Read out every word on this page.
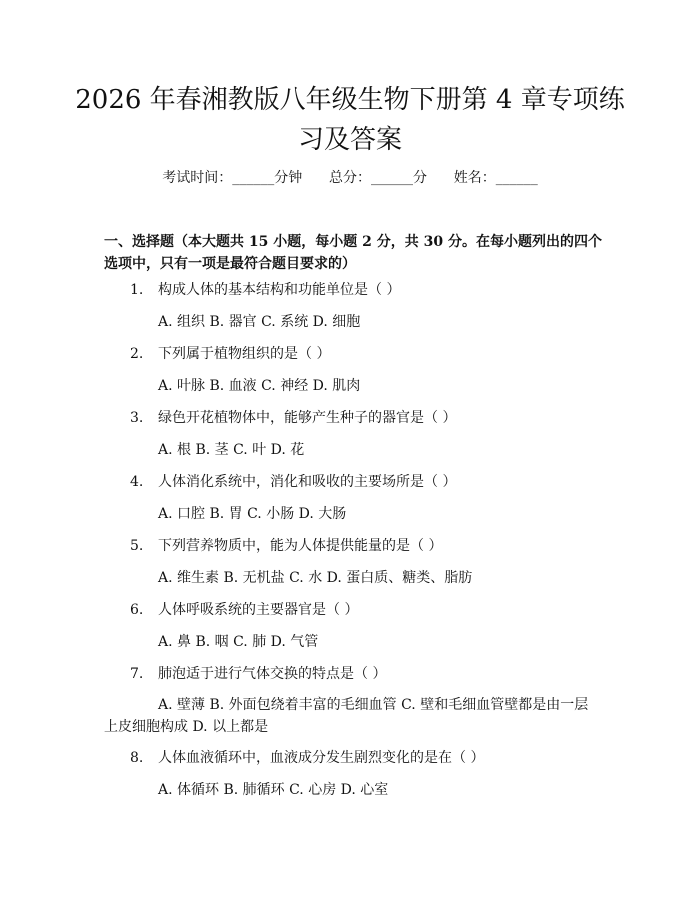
2026 年春湘教版八年级生物下册第 4 章专项练习及答案
考试时间：______分钟 总分：______分 姓名：______
一、选择题（本大题共 15 小题，每小题 2 分，共 30 分。在每小题列出的四个选项中，只有一项是最符合题目要求的）
1. 构成人体的基本结构和功能单位是（ ）
A. 组织 B. 器官 C. 系统 D. 细胞
2. 下列属于植物组织的是（ ）
A. 叶脉 B. 血液 C. 神经 D. 肌肉
3. 绿色开花植物体中，能够产生种子的器官是（ ）
A. 根 B. 茎 C. 叶 D. 花
4. 人体消化系统中，消化和吸收的主要场所是（ ）
A. 口腔 B. 胃 C. 小肠 D. 大肠
5. 下列营养物质中，能为人体提供能量的是（ ）
A. 维生素 B. 无机盐 C. 水 D. 蛋白质、糖类、脂肪
6. 人体呼吸系统的主要器官是（ ）
A. 鼻 B. 咽 C. 肺 D. 气管
7. 肺泡适于进行气体交换的特点是（ ）
A. 壁薄 B. 外面包绕着丰富的毛细血管 C. 壁和毛细血管壁都是由一层上皮细胞构成 D. 以上都是
8. 人体血液循环中，血液成分发生剧烈变化的是在（ ）
A. 体循环 B. 肺循环 C. 心房 D. 心室
